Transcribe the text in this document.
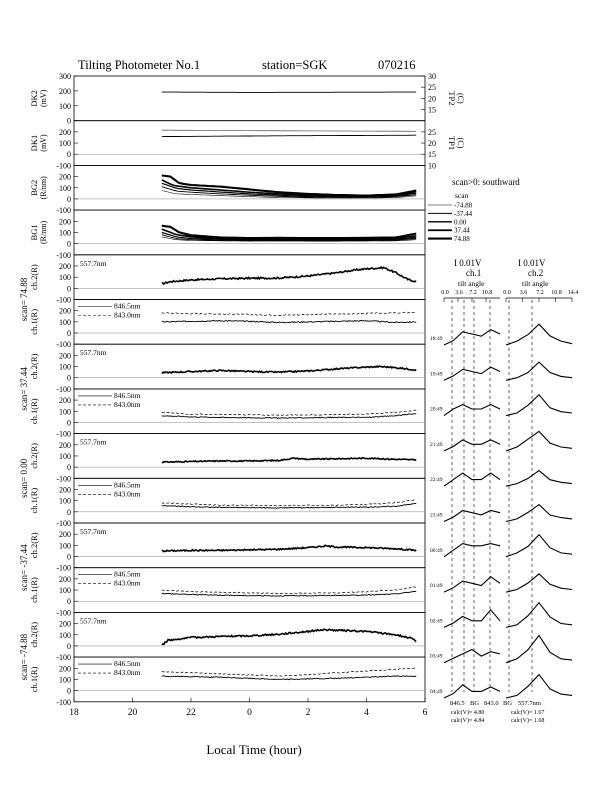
Tilting Photometer No.1	station=SGK	070216
0
100
200
300
DK2 (mV)
15
20
25
30
TP2 (C)
-100
0
100
200
DK1 (mV)
10
15
20
25
TP1 (C)
-100
0
100
200
BG2 (R/nm)
-100
0
100
200
BG1 (R/nm)
-100
0
100
200
ch.2(R)
scan= 74.88
557.7nm
-100
0
100
200
ch.1(R)
846.5nm
843.0nm
-100
0
100
200
ch.2(R)
scan= 37.44
557.7nm
-100
0
100
200
ch.1(R)
846.5nm
843.0nm
-100
0
100
200
ch.2(R)
scan= 0.00
557.7nm
-100
0
100
200
ch.1(R)
846.5nm
843.0nm
-100
0
100
200
ch.2(R)
scan= -37.44
557.7nm
-100
0
100
200
ch.1(R)
846.5nm
843.0nm
-100
0
100
200
ch.2(R)
scan= -74.88
557.7nm
-100
0
100
200
ch.1(R)
846.5nm
843.0nm
Local Time (hour)
18	20	22	0	2	4	6
scan>0: southward
scan
-74.88
-37.44
0.00
37.44
74.88
I 0.01V	I 0.01V
ch.1	ch.2
tilt angle	tilt angle
846.5 BG 843.0 BG 557.7nm
calc(V)= 4.80
calc(V)= 4.84
calc(V)= 1.67
calc(V)= 1.68
0.0 3.6 7.2 10.8 0.0 3.6 7.2 10.8 14.4
18:49
19:49
20:49
21:49
22:49
23:49
00:49
01:49
02:49
03:49
04:49
